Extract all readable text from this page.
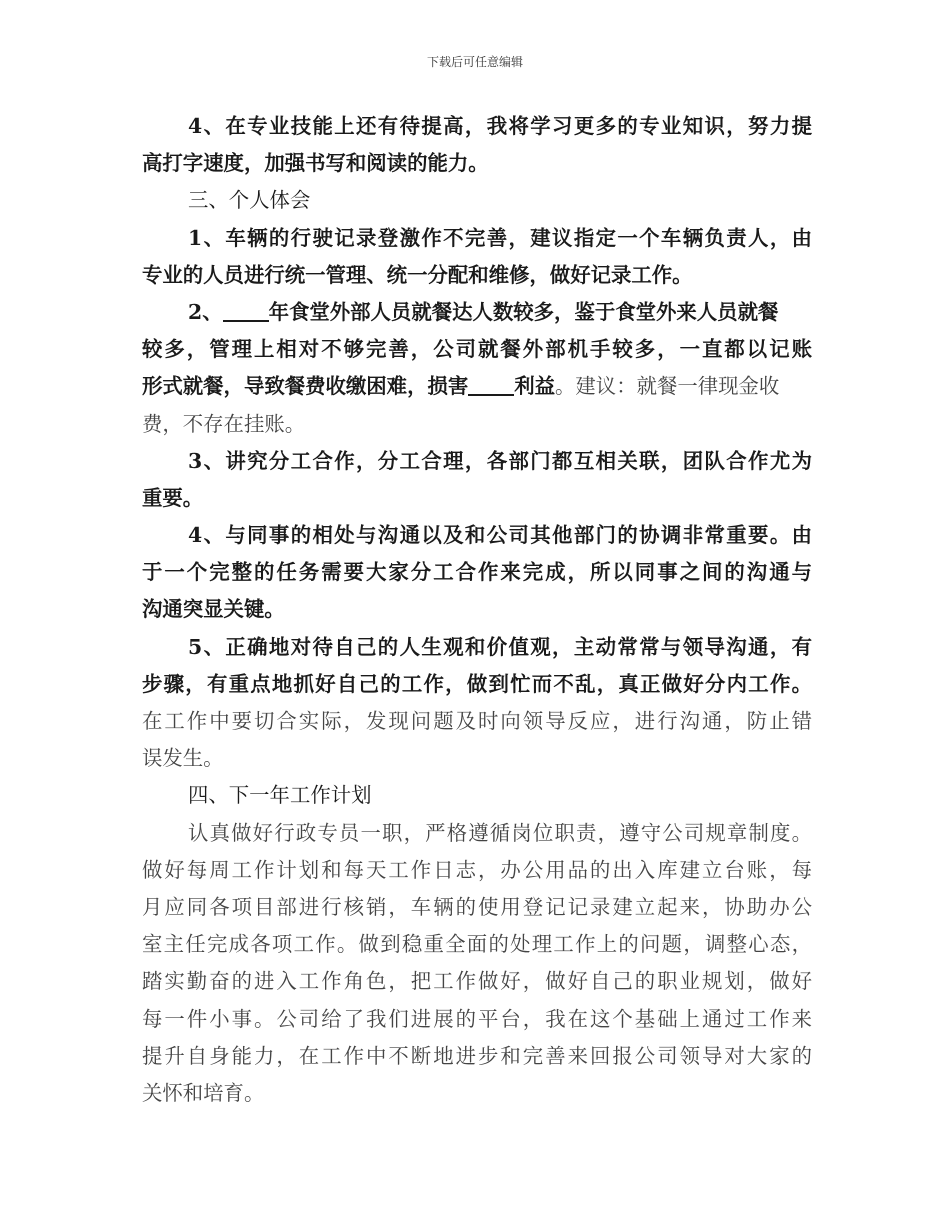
下载后可任意编辑
4、在专业技能上还有待提高，我将学习更多的专业知识，努力提
高打字速度，加强书写和阅读的能力。
三、个人体会
1、车辆的行驶记录登激作不完善，建议指定一个车辆负责人，由
专业的人员进行统一管理、统一分配和维修，做好记录工作。
2、 年食堂外部人员就餐达人数较多，鉴于食堂外来人员就餐
较多，管理上相对不够完善，公司就餐外部机手较多，一直都以记账
形式就餐，导致餐费收缴困难，损害 利益。建议：就餐一律现金收
费，不存在挂账。
3、讲究分工合作，分工合理，各部门都互相关联，团队合作尤为
重要。
4、与同事的相处与沟通以及和公司其他部门的协调非常重要。由
于一个完整的任务需要大家分工合作来完成，所以同事之间的沟通与
沟通突显关键。
5、正确地对待自己的人生观和价值观，主动常常与领导沟通，有
步骤，有重点地抓好自己的工作，做到忙而不乱，真正做好分内工作。
在工作中要切合实际，发现问题及时向领导反应，进行沟通，防止错
误发生。
四、下一年工作计划
认真做好行政专员一职，严格遵循岗位职责，遵守公司规章制度。
做好每周工作计划和每天工作日志，办公用品的出入库建立台账，每
月应同各项目部进行核销，车辆的使用登记记录建立起来，协助办公
室主任完成各项工作。做到稳重全面的处理工作上的问题，调整心态，
踏实勤奋的进入工作角色，把工作做好，做好自己的职业规划，做好
每一件小事。公司给了我们进展的平台，我在这个基础上通过工作来
提升自身能力，在工作中不断地进步和完善来回报公司领导对大家的
关怀和培育。
